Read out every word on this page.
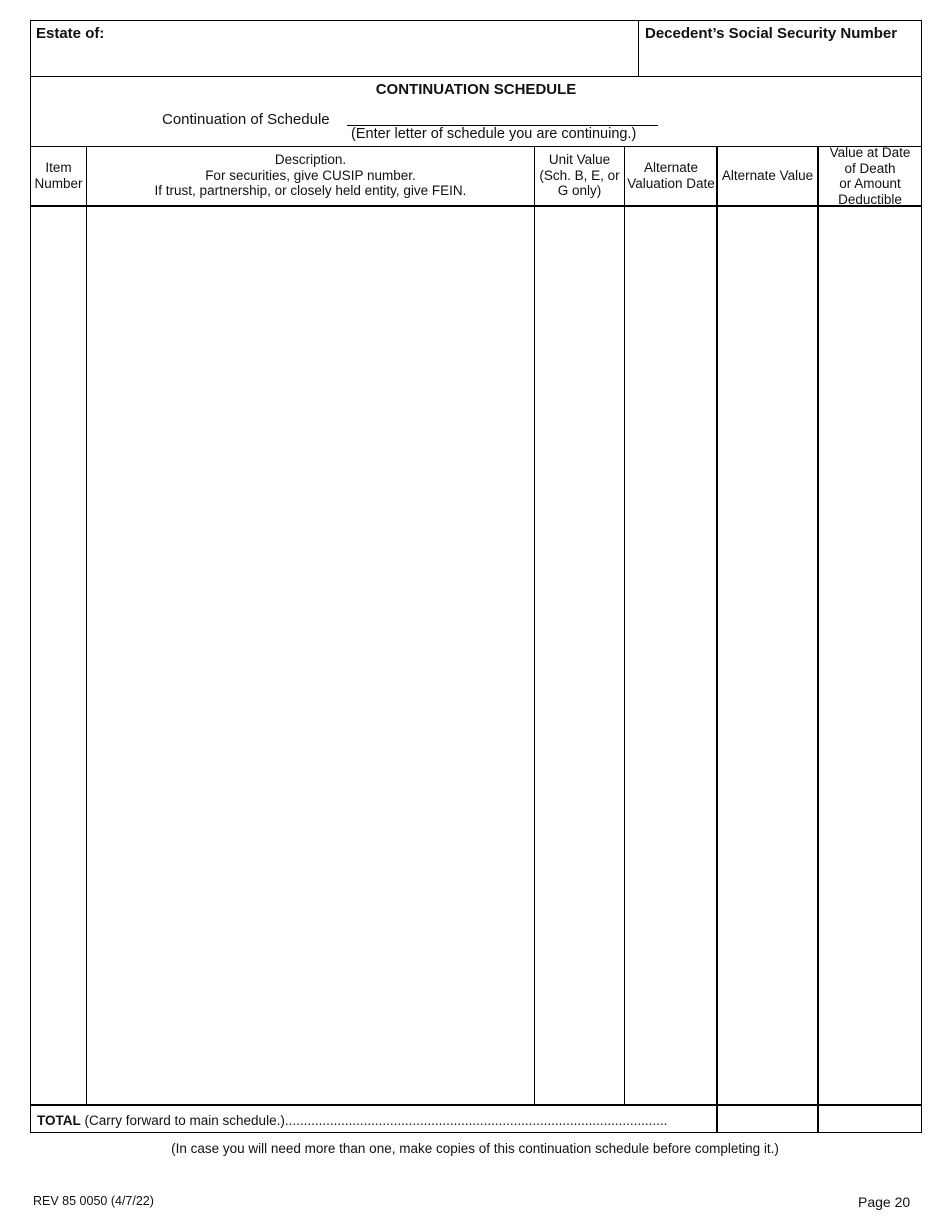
Estate of:	Decedent’s Social Security Number
CONTINUATION SCHEDULE
Continuation of Schedule
(Enter letter of schedule you are continuing.)
Item
Number
Description.
For securities, give CUSIP number.
If trust, partnership, or closely held entity, give FEIN.
Unit Value
(Sch. B, E, or
G only)
Alternate
Valuation Date
Alternate Value
Value at Date
of Death
or Amount
Deductible
TOTAL (Carry forward to main schedule.)......................................................................................................
(In case you will need more than one, make copies of this continuation schedule before completing it.)
REV 85 0050 (4/7/22)	Page 20
